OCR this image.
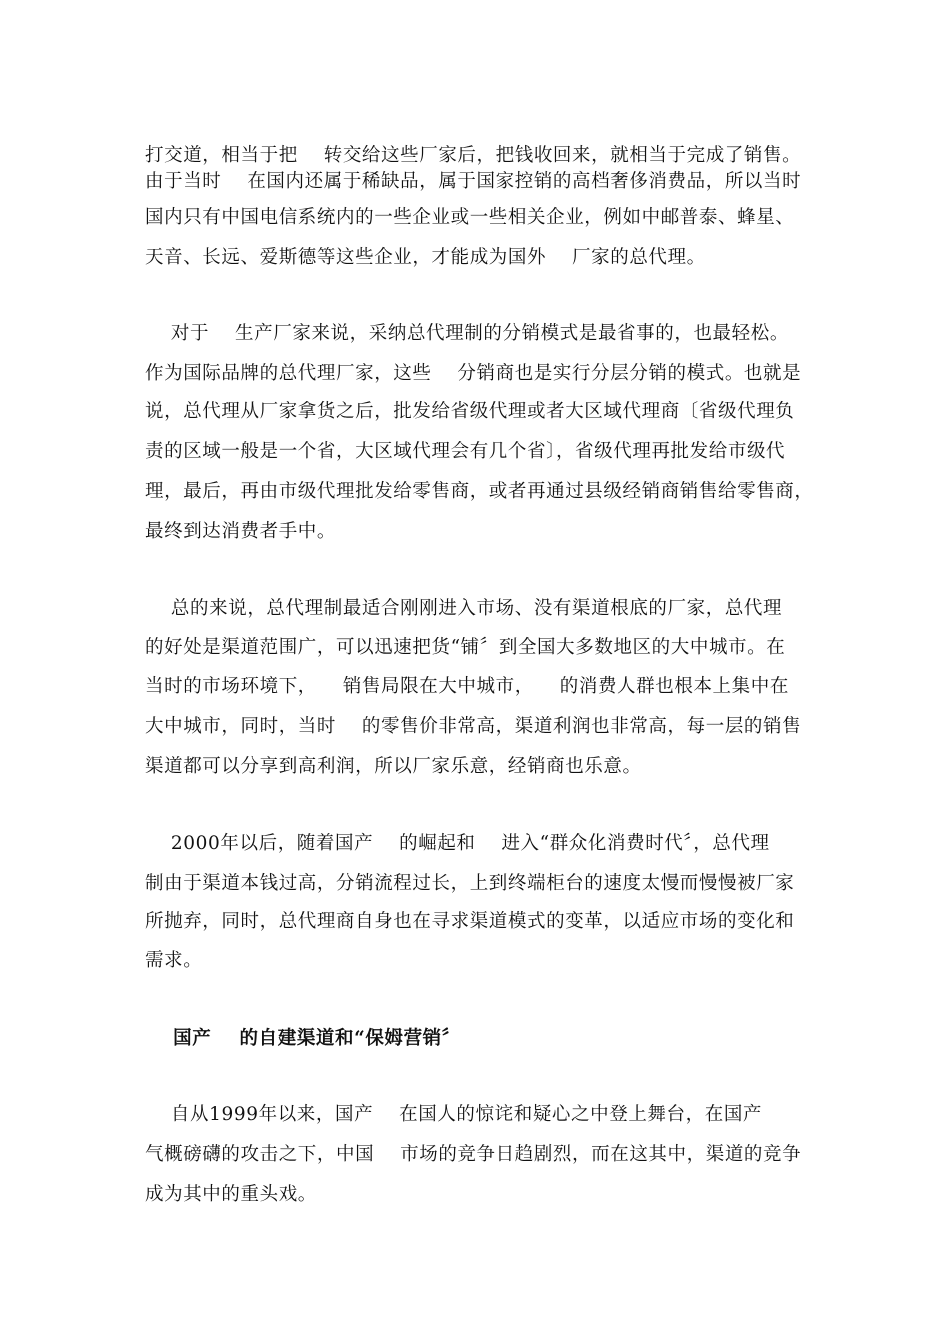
打交道，相当于把    转交给这些厂家后，把钱收回来，就相当于完成了销售。
由于当时    在国内还属于稀缺品，属于国家控销的高档奢侈消费品，所以当时
国内只有中国电信系统内的一些企业或一些相关企业，例如中邮普泰、蜂星、
天音、长远、爱斯德等这些企业，才能成为国外    厂家的总代理。
对于    生产厂家来说，采纳总代理制的分销模式是最省事的，也最轻松。
作为国际品牌的总代理厂家，这些    分销商也是实行分层分销的模式。也就是
说，总代理从厂家拿货之后，批发给省级代理或者大区域代理商〔省级代理负
责的区域一般是一个省，大区域代理会有几个省〕，省级代理再批发给市级代
理，最后，再由市级代理批发给零售商，或者再通过县级经销商销售给零售商，
最终到达消费者手中。
总的来说，总代理制最适合刚刚进入市场、没有渠道根底的厂家，总代理
的好处是渠道范围广，可以迅速把货“铺〞到全国大多数地区的大中城市。在
当时的市场环境下，    销售局限在大中城市，    的消费人群也根本上集中在
大中城市，同时，当时    的零售价非常高，渠道利润也非常高，每一层的销售
渠道都可以分享到高利润，所以厂家乐意，经销商也乐意。
2000年以后，随着国产    的崛起和    进入“群众化消费时代〞，总代理
制由于渠道本钱过高，分销流程过长，上到终端柜台的速度太慢而慢慢被厂家
所抛弃，同时，总代理商自身也在寻求渠道模式的变革，以适应市场的变化和
需求。
国产    的自建渠道和“保姆营销〞
自从1999年以来，国产    在国人的惊诧和疑心之中登上舞台，在国产
气概磅礴的攻击之下，中国    市场的竞争日趋剧烈，而在这其中，渠道的竞争
成为其中的重头戏。
